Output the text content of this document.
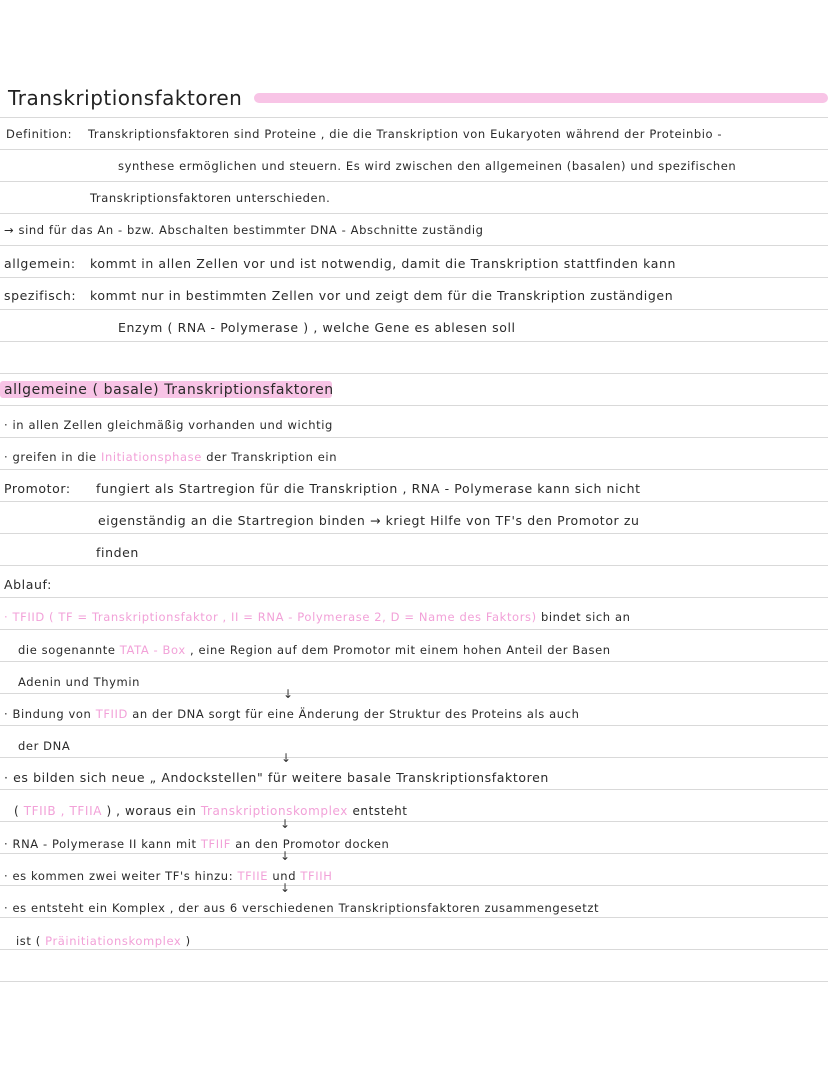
Transkriptionsfaktoren
Definition: Transkriptionsfaktoren sind Proteine , die die Transkription von Eukaryoten während der Proteinbio -
synthese ermöglichen und steuern. Es wird zwischen den allgemeinen (basalen) und spezifischen
Transkriptionsfaktoren unterschieden.
→ sind für das An - bzw. Abschalten bestimmter DNA - Abschnitte zuständig
allgemein: kommt in allen Zellen vor und ist notwendig, damit die Transkription stattfinden kann
spezifisch: kommt nur in bestimmten Zellen vor und zeigt dem für die Transkription zuständigen
Enzym ( RNA - Polymerase ) , welche Gene es ablesen soll
allgemeine ( basale) Transkriptionsfaktoren
· in allen Zellen gleichmäßig vorhanden und wichtig
· greifen in die Initiationsphase der Transkription ein
Promotor: fungiert als Startregion für die Transkription , RNA - Polymerase kann sich nicht
eigenständig an die Startregion binden → kriegt Hilfe von TF's den Promotor zu
finden
Ablauf:
· TFIID ( TF = Transkriptionsfaktor , II = RNA - Polymerase 2, D = Name des Faktors) bindet sich an
die sogenannte TATA - Box , eine Region auf dem Promotor mit einem hohen Anteil der Basen
Adenin und Thymin
↓
· Bindung von TFIID an der DNA sorgt für eine Änderung der Struktur des Proteins als auch
der DNA
↓
· es bilden sich neue „ Andockstellen" für weitere basale Transkriptionsfaktoren
( TFIIB , TFIIA ) , woraus ein Transkriptionskomplex entsteht
↓
· RNA - Polymerase II kann mit TFIIF an den Promotor docken
↓
· es kommen zwei weiter TF's hinzu: TFIIE und TFIIH
↓
· es entsteht ein Komplex , der aus 6 verschiedenen Transkriptionsfaktoren zusammengesetzt
ist ( Präinitiationskomplex )
